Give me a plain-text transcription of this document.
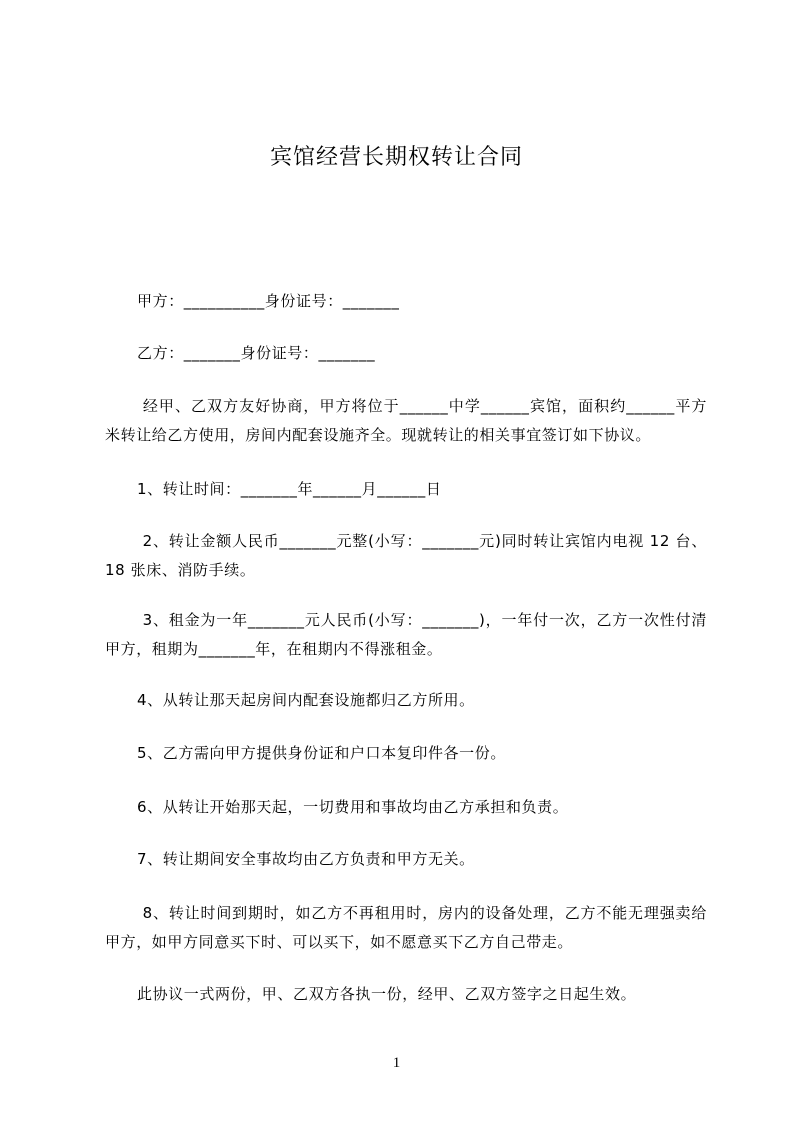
宾馆经营长期权转让合同
甲方：__________身份证号：_______
乙方：_______身份证号：_______
经甲、乙双方友好协商，甲方将位于______中学______宾馆，面积约______平方米转让给乙方使用，房间内配套设施齐全。现就转让的相关事宜签订如下协议。
1、转让时间：_______年______月______日
2、转让金额人民币_______元整(小写：_______元)同时转让宾馆内电视 12 台、18 张床、消防手续。
3、租金为一年_______元人民币(小写：_______)，一年付一次，乙方一次性付清甲方，租期为_______年，在租期内不得涨租金。
4、从转让那天起房间内配套设施都归乙方所用。
5、乙方需向甲方提供身份证和户口本复印件各一份。
6、从转让开始那天起，一切费用和事故均由乙方承担和负责。
7、转让期间安全事故均由乙方负责和甲方无关。
8、转让时间到期时，如乙方不再租用时，房内的设备处理，乙方不能无理强卖给甲方，如甲方同意买下时、可以买下，如不愿意买下乙方自己带走。
此协议一式两份，甲、乙双方各执一份，经甲、乙双方签字之日起生效。
1
